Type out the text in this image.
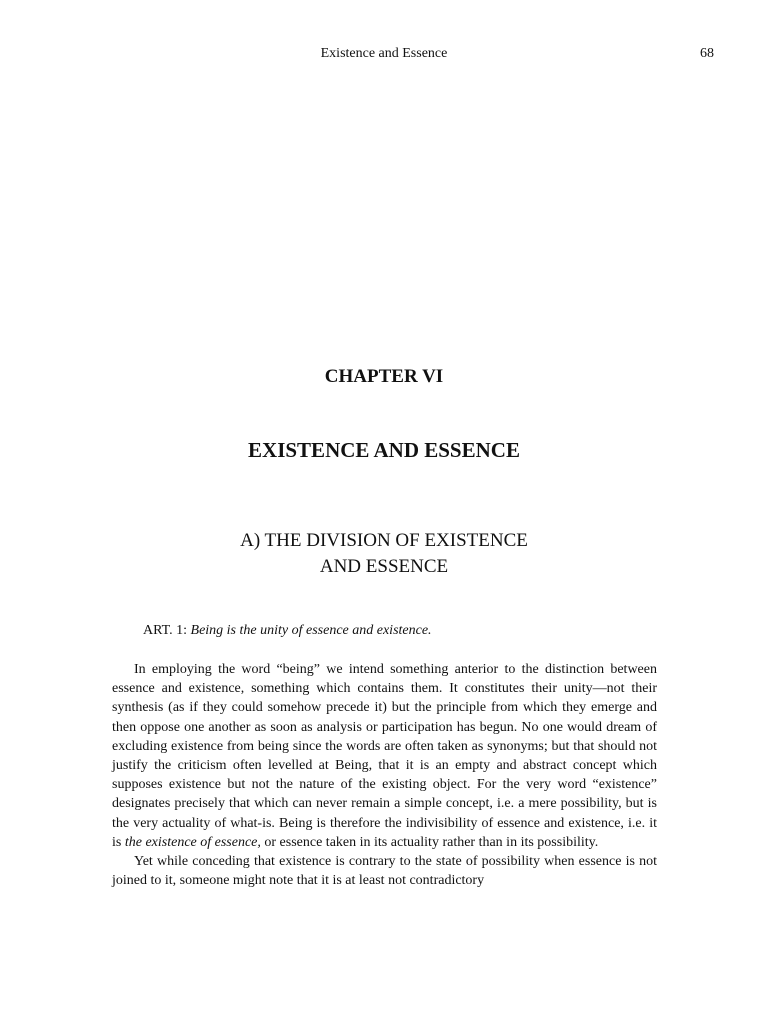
Existence and Essence	68
CHAPTER VI
EXISTENCE AND ESSENCE
A) THE DIVISION OF EXISTENCE
AND ESSENCE
ART. 1: Being is the unity of essence and existence.

In employing the word “being” we intend something anterior to the distinction between essence and existence, something which contains them. It constitutes their unity—not their synthesis (as if they could somehow precede it) but the principle from which they emerge and then oppose one another as soon as analysis or participation has begun. No one would dream of excluding existence from being since the words are often taken as synonyms; but that should not justify the criticism often levelled at Being, that it is an empty and abstract concept which supposes existence but not the nature of the existing object. For the very word “existence” designates precisely that which can never remain a simple concept, i.e. a mere possibility, but is the very actuality of what-is. Being is therefore the indivisibility of essence and existence, i.e. it is the existence of essence, or essence taken in its actuality rather than in its possibility.

Yet while conceding that existence is contrary to the state of possibility when essence is not joined to it, someone might note that it is at least not contradictory
